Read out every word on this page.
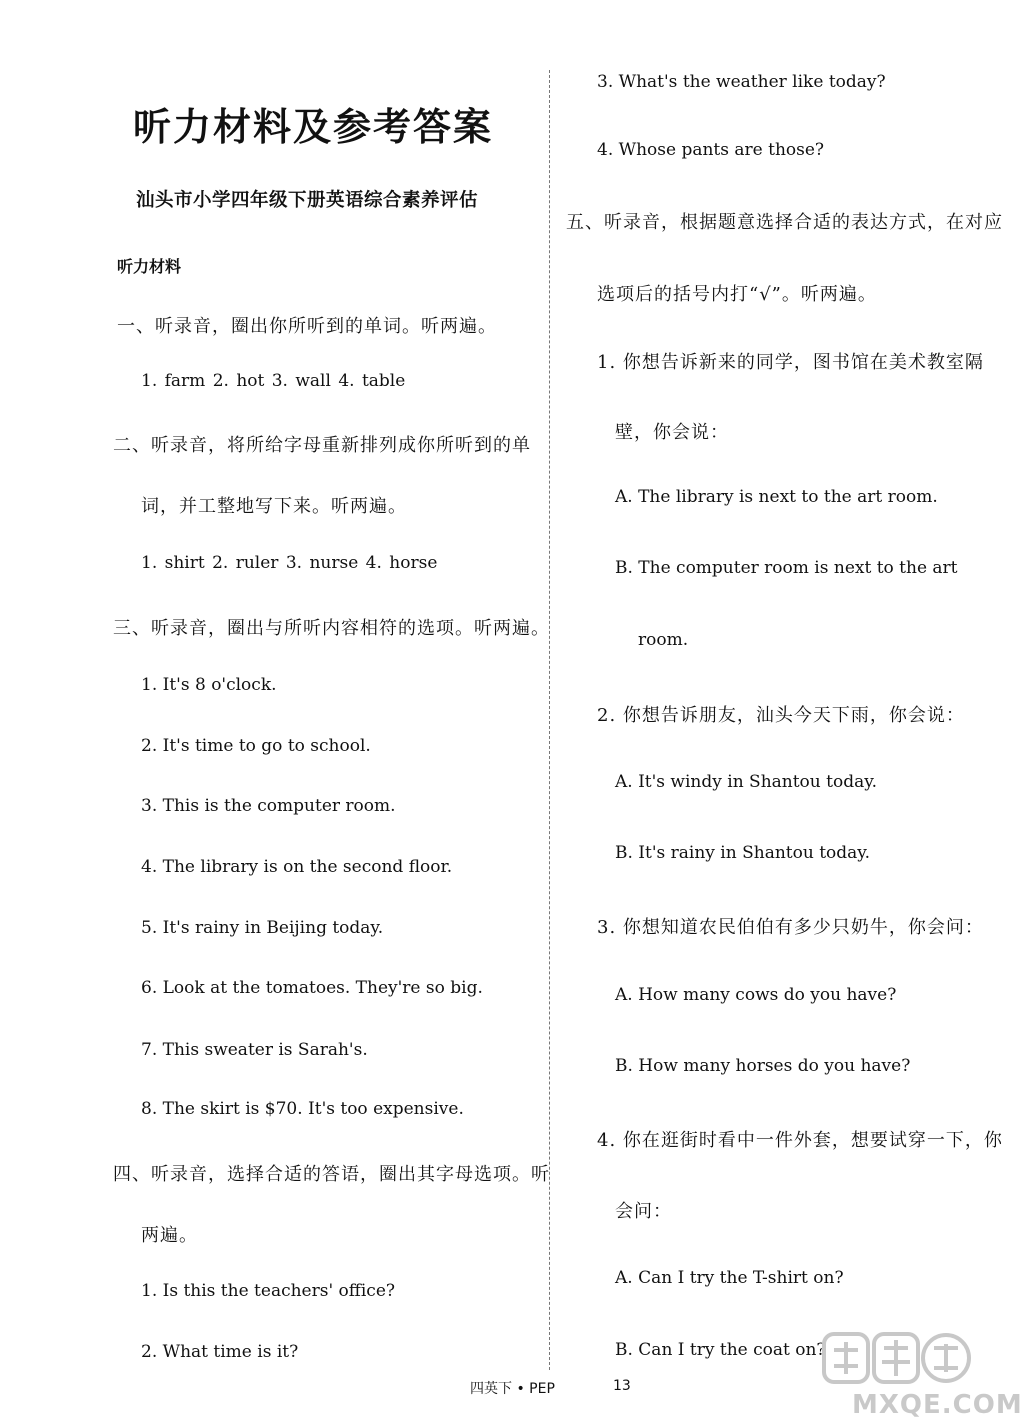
听力材料及参考答案
汕头市小学四年级下册英语综合素养评估
听力材料
一、听录音，圈出你所听到的单词。听两遍。
1. farm 2. hot 3. wall 4. table
二、听录音，将所给字母重新排列成你所听到的单
词，并工整地写下来。听两遍。
1. shirt 2. ruler 3. nurse 4. horse
三、听录音，圈出与所听内容相符的选项。听两遍。
1. It's 8 o'clock.
2. It's time to go to school.
3. This is the computer room.
4. The library is on the second floor.
5. It's rainy in Beijing today.
6. Look at the tomatoes. They're so big.
7. This sweater is Sarah's.
8. The skirt is $70. It's too expensive.
四、听录音，选择合适的答语，圈出其字母选项。听
两遍。
1. Is this the teachers' office?
2. What time is it?
3. What's the weather like today?
4. Whose pants are those?
五、听录音，根据题意选择合适的表达方式，在对应
选项后的括号内打“√”。听两遍。
1. 你想告诉新来的同学，图书馆在美术教室隔
壁，你会说：
A. The library is next to the art room.
B. The computer room is next to the art
room.
2. 你想告诉朋友，汕头今天下雨，你会说：
A. It's windy in Shantou today.
B. It's rainy in Shantou today.
3. 你想知道农民伯伯有多少只奶牛，你会问：
A. How many cows do you have?
B. How many horses do you have?
4. 你在逛街时看中一件外套，想要试穿一下，你
会问：
A. Can I try the T-shirt on?
B. Can I try the coat on?
四英下 • PEP	13
MXQE.COM
